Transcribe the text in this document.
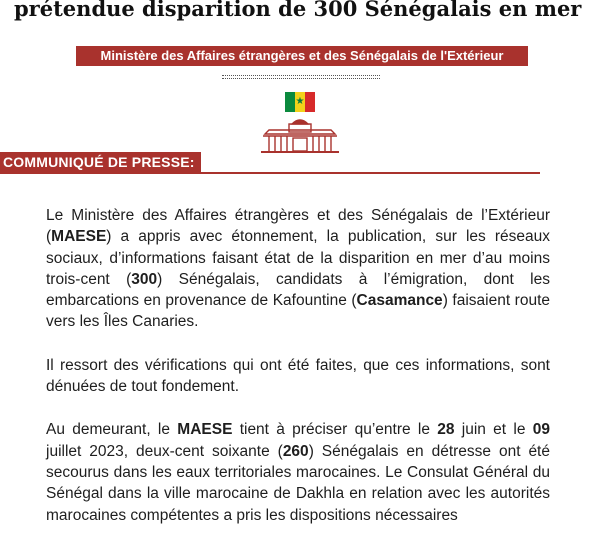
prétendue disparition de 300 Sénégalais en mer
Ministère des Affaires étrangères et des Sénégalais de l'Extérieur
★
COMMUNIQUÉ DE PRESSE:

Le Ministère des Affaires étrangères et des Sénégalais de l’Extérieur (MAESE) a appris avec étonnement, la publication, sur les réseaux sociaux, d’informations faisant état de la disparition en mer d’au moins trois-cent (300) Sénégalais, candidats à l’émigration, dont les embarcations en provenance de Kafountine (Casamance) faisaient route vers les Îles Canaries.

Il ressort des vérifications qui ont été faites, que ces informations, sont dénuées de tout fondement.

Au demeurant, le MAESE tient à préciser qu’entre le 28 juin et le 09 juillet 2023, deux-cent soixante (260) Sénégalais en détresse ont été secourus dans les eaux territoriales marocaines. Le Consulat Général du Sénégal dans la ville marocaine de Dakhla en relation avec les autorités marocaines compétentes a pris les dispositions nécessaires
